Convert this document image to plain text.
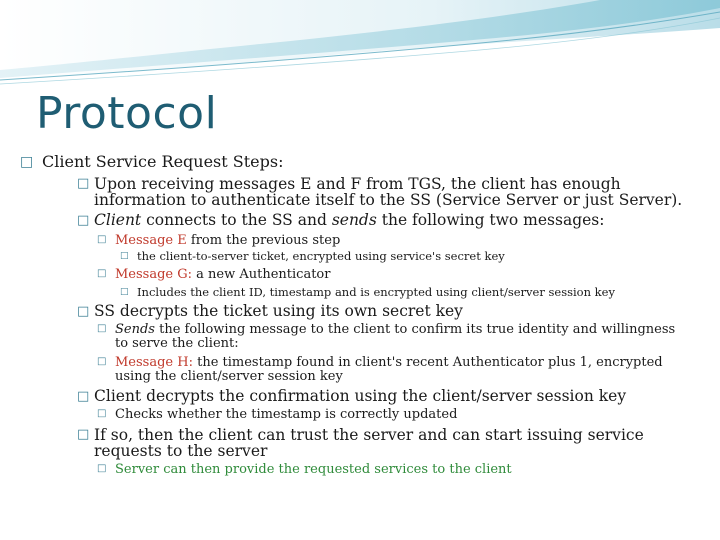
Protocol
□ Client Service Request Steps:
□ Upon receiving messages E and F from TGS, the client has enough information to authenticate itself to the SS (Service Server or just Server).
□ Client connects to the SS and sends the following two messages:
□ Message E from the previous step
□ the client-to-server ticket, encrypted using service's secret key
□ Message G: a new Authenticator
□ Includes the client ID, timestamp and is encrypted using client/server session key
□ SS decrypts the ticket using its own secret key
□ Sends the following message to the client to confirm its true identity and willingness to serve the client:
□ Message H: the timestamp found in client's recent Authenticator plus 1, encrypted using the client/server session key
□ Client decrypts the confirmation using the client/server session key
□ Checks whether the timestamp is correctly updated
□ If so, then the client can trust the server and can start issuing service requests to the server
□ Server can then provide the requested services to the client
